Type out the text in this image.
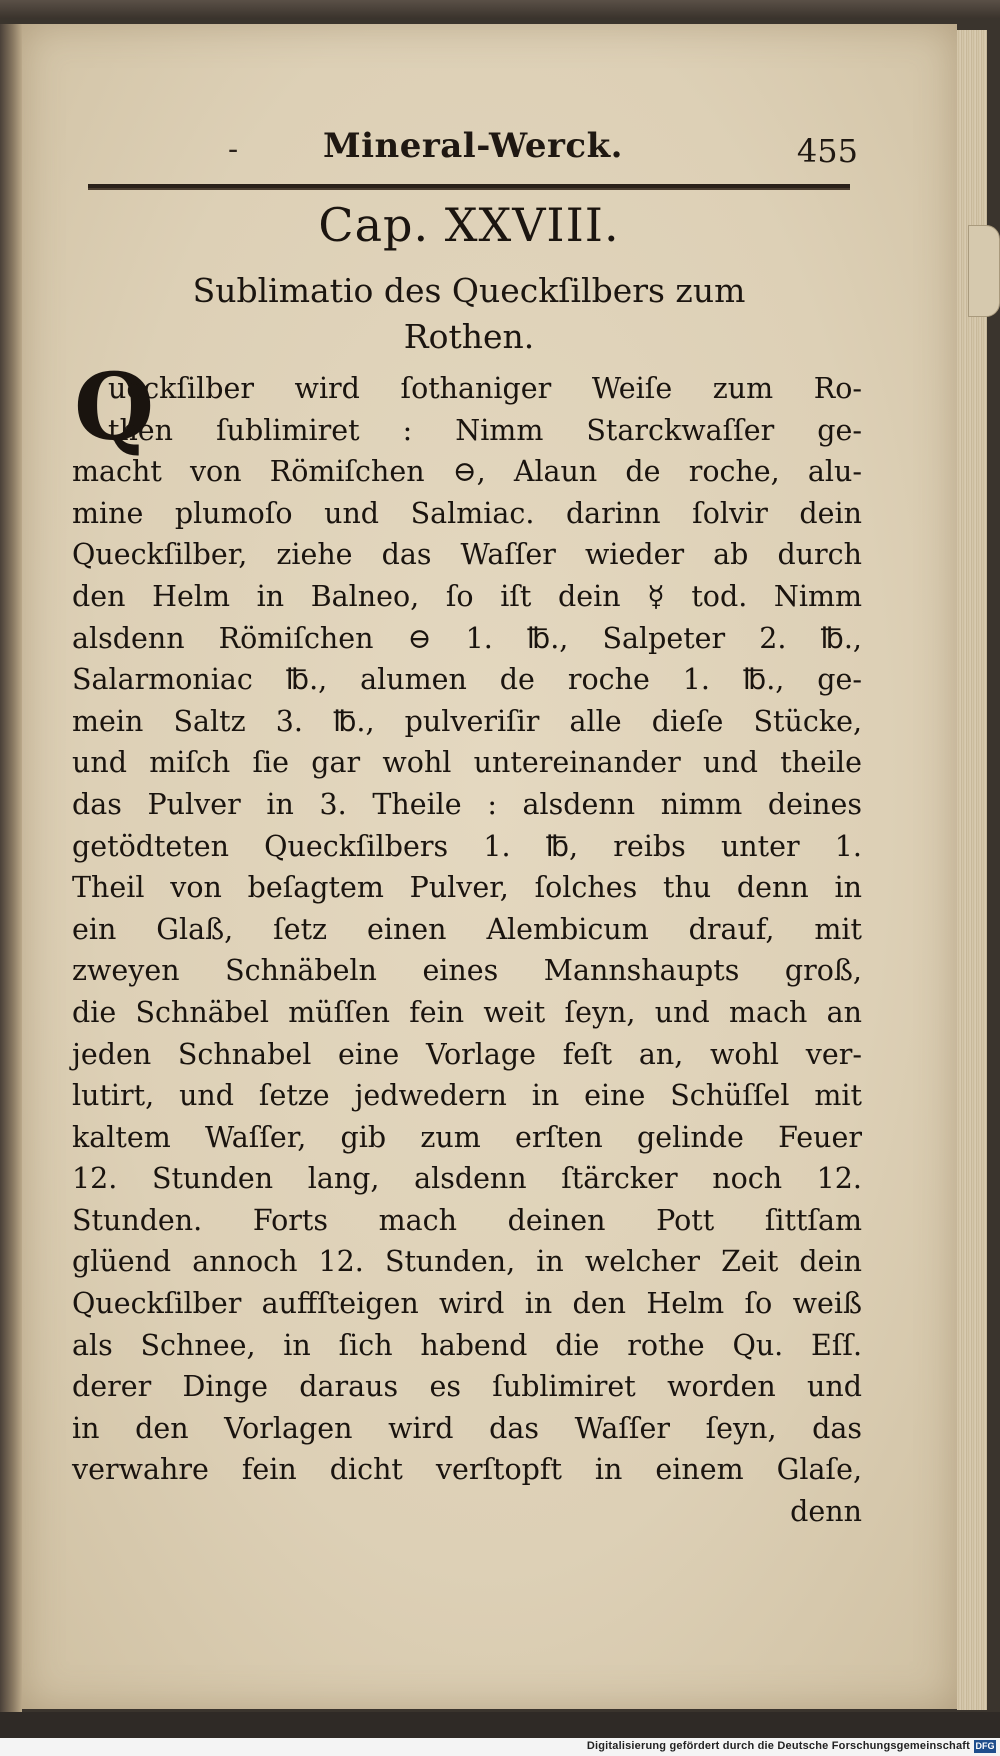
-	Mineral-Werck.	455
Cap. XXVIII.
Sublimatio des Queckſilbers zum
Rothen.
Q
ueckſilber wird ſothaniger Weiſe zum Ro-
then ſublimiret : Nimm Starckwaſſer ge-
macht von Römiſchen ⊖, Alaun de roche, alu-
mine plumoſo und Salmiac. darinn ſolvir dein
Queckſilber, ziehe das Waſſer wieder ab durch
den Helm in Balneo, ſo iſt dein ☿ tod. Nimm
alsdenn Römiſchen ⊖ 1. ℔., Salpeter 2. ℔.,
Salarmoniac ℔., alumen de roche 1. ℔., ge-
mein Saltz 3. ℔., pulveriſir alle dieſe Stücke,
und miſch ſie gar wohl untereinander und theile
das Pulver in 3. Theile : alsdenn nimm deines
getödteten Queckſilbers 1. ℔, reibs unter 1.
Theil von beſagtem Pulver, ſolches thu denn in
ein Glaß, ſetz einen Alembicum drauf, mit
zweyen Schnäbeln eines Mannshaupts groß,
die Schnäbel müſſen fein weit ſeyn, und mach an
jeden Schnabel eine Vorlage feſt an, wohl ver-
lutirt, und ſetze jedwedern in eine Schüſſel mit
kaltem Waſſer, gib zum erſten gelinde Feuer
12. Stunden lang, alsdenn ſtärcker noch 12.
Stunden. Forts mach deinen Pott ſittſam
glüend annoch 12. Stunden, in welcher Zeit dein
Queckſilber auffſteigen wird in den Helm ſo weiß
als Schnee, in ſich habend die rothe Qu. Eſſ.
derer Dinge daraus es ſublimiret worden und
in den Vorlagen wird das Waſſer ſeyn, das
verwahre fein dicht verſtopft in einem Glaſe,
denn
Digitalisierung gefördert durch die Deutsche Forschungsgemeinschaft DFG
